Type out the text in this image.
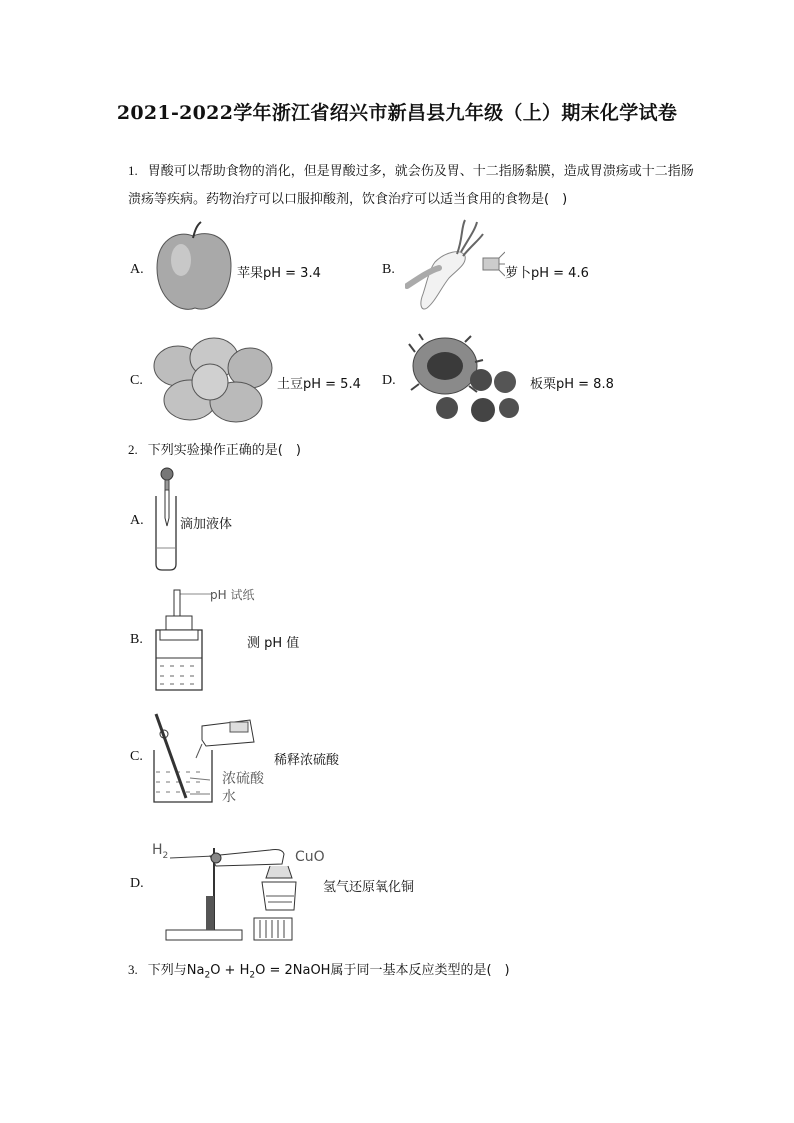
2021-2022学年浙江省绍兴市新昌县九年级（上）期末化学试卷
1. 胃酸可以帮助食物的消化，但是胃酸过多，就会伤及胃、十二指肠黏膜，造成胃溃疡或十二指肠溃疡等疾病。药物治疗可以口服抑酸剂，饮食治疗可以适当食用的食物是(　)
A.	苹果pH = 3.4	B.	萝卜pH = 4.6
C.	土豆pH = 5.4 D.	板栗pH = 8.8
2. 下列实验操作正确的是(　)
A.	滴加液体
B.
pH 试纸
测 pH 值
C.
浓硫酸
水
稀释浓硫酸
D.
$H_2$	CuO
氢气还原氧化铜
3. 下列与$Na_2O + H_2O$ = 2NaOH属于同一基本反应类型的是(　)
